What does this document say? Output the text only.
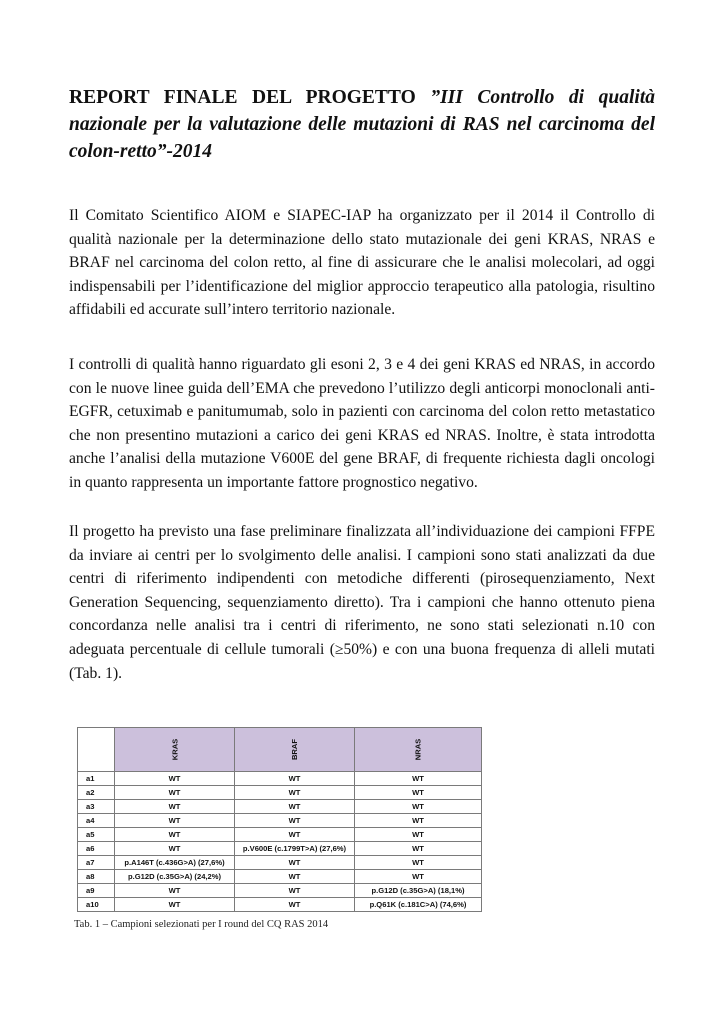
REPORT FINALE DEL PROGETTO ”III Controllo di qualità nazionale per la valutazione delle mutazioni di RAS nel carcinoma del colon-retto”-2014

Il Comitato Scientifico AIOM e SIAPEC-IAP ha organizzato per il 2014 il Controllo di qualità nazionale per la determinazione dello stato mutazionale dei geni KRAS, NRAS e BRAF nel carcinoma del colon retto, al fine di assicurare che le analisi molecolari, ad oggi indispensabili per l’identificazione del miglior approccio terapeutico alla patologia, risultino affidabili ed accurate sull’intero territorio nazionale.

I controlli di qualità hanno riguardato gli esoni 2, 3 e 4 dei geni KRAS ed NRAS, in accordo con le nuove linee guida dell’EMA che prevedono l’utilizzo degli anticorpi monoclonali anti-EGFR, cetuximab e panitumumab, solo in pazienti con carcinoma del colon retto metastatico che non presentino mutazioni a carico dei geni KRAS ed NRAS. Inoltre, è stata introdotta anche l’analisi della mutazione V600E del gene BRAF, di frequente richiesta dagli oncologi in quanto rappresenta un importante fattore prognostico negativo.

Il progetto ha previsto una fase preliminare finalizzata all’individuazione dei campioni FFPE da inviare ai centri per lo svolgimento delle analisi. I campioni sono stati analizzati da due centri di riferimento indipendenti con metodiche differenti (pirosequenziamento, Next Generation Sequencing, sequenziamento diretto). Tra i campioni che hanno ottenuto piena concordanza nelle analisi tra i centri di riferimento, ne sono stati selezionati n.10 con adeguata percentuale di cellule tumorali (≥50%) e con una buona frequenza di alleli mutati (Tab. 1).

	KRAS	BRAF	NRAS
a1	WT	WT	WT
a2	WT	WT	WT
a3	WT	WT	WT
a4	WT	WT	WT
a5	WT	WT	WT
a6	WT	p.V600E (c.1799T>A) (27,6%)	WT
a7	p.A146T (c.436G>A) (27,6%)	WT	WT
a8	p.G12D (c.35G>A) (24,2%)	WT	WT
a9	WT	WT	p.G12D (c.35G>A) (18,1%)
a10	WT	WT	p.Q61K (c.181C>A) (74,6%)

Tab. 1 – Campioni selezionati per I round del CQ RAS 2014
